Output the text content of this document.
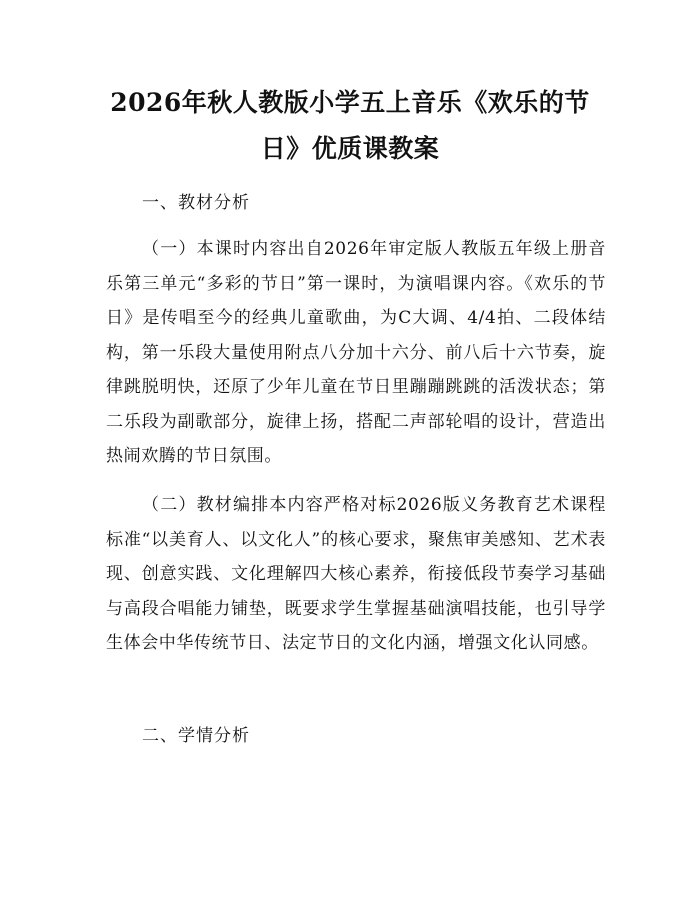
2026年秋人教版小学五上音乐《欢乐的节
日》优质课教案

一、教材分析

（一）本课时内容出自2026年审定版人教版五年级上册音乐第三单元“多彩的节日”第一课时，为演唱课内容。《欢乐的节日》是传唱至今的经典儿童歌曲，为C大调、4/4拍、二段体结构，第一乐段大量使用附点八分加十六分、前八后十六节奏，旋律跳脱明快，还原了少年儿童在节日里蹦蹦跳跳的活泼状态；第二乐段为副歌部分，旋律上扬，搭配二声部轮唱的设计，营造出热闹欢腾的节日氛围。

（二）教材编排本内容严格对标2026版义务教育艺术课程标准“以美育人、以文化人”的核心要求，聚焦审美感知、艺术表现、创意实践、文化理解四大核心素养，衔接低段节奏学习基础与高段合唱能力铺垫，既要求学生掌握基础演唱技能，也引导学生体会中华传统节日、法定节日的文化内涵，增强文化认同感。

二、学情分析
